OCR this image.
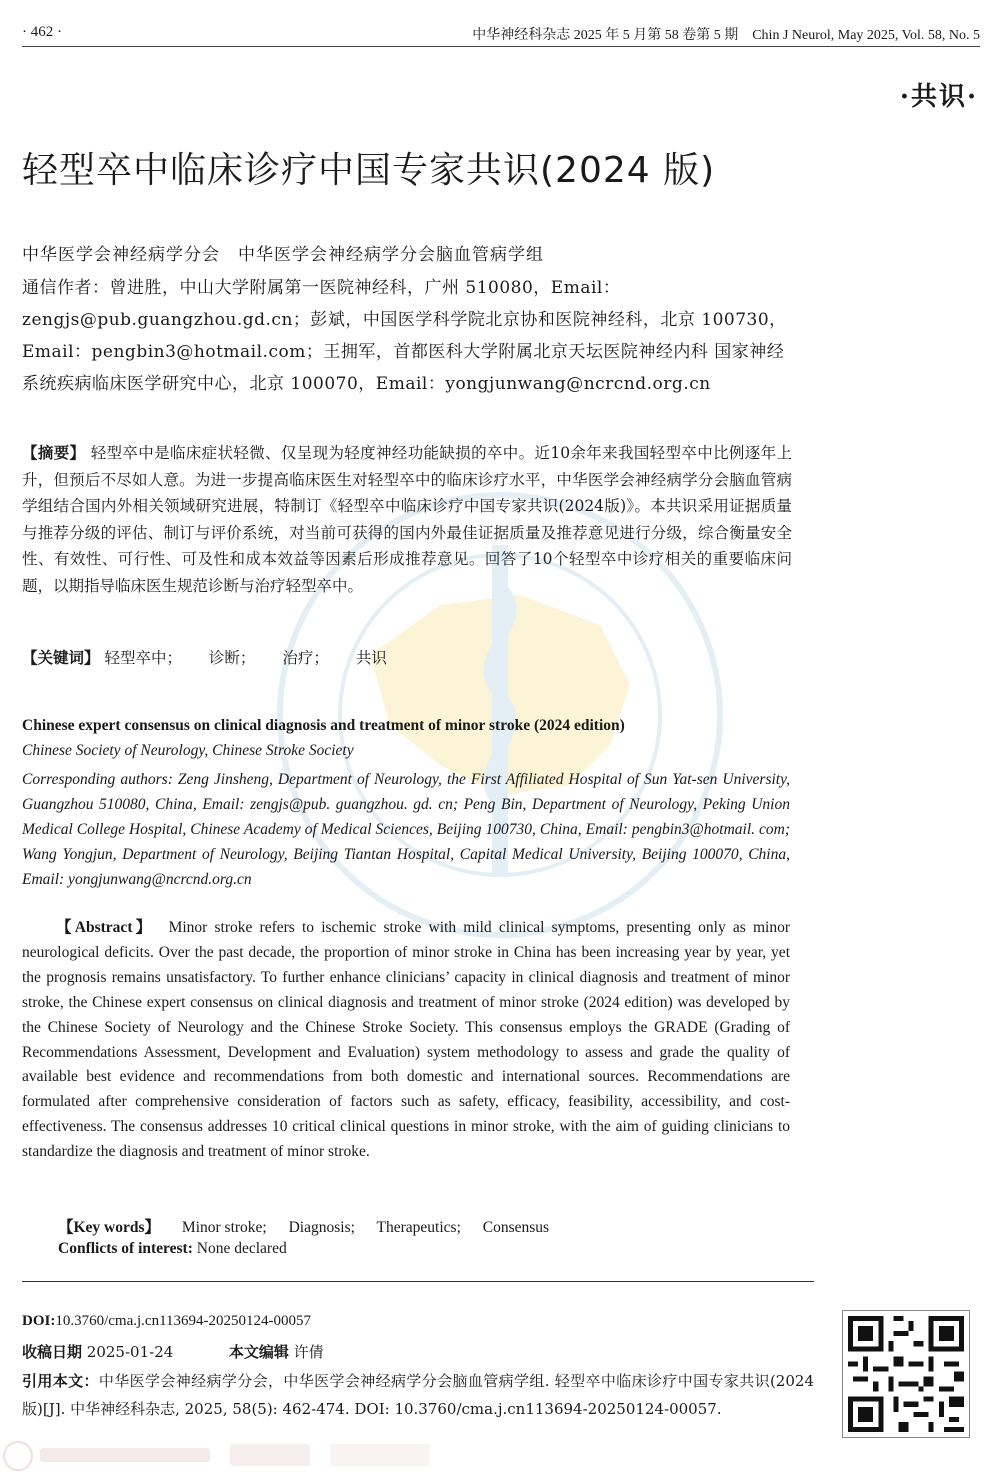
· 462 ·	中华神经科杂志 2025 年 5 月第 58 卷第 5 期　Chin J Neurol, May 2025, Vol. 58, No. 5
·共识·
轻型卒中临床诊疗中国专家共识(2024 版)
中华医学会神经病学分会　中华医学会神经病学分会脑血管病学组
通信作者：曾进胜，中山大学附属第一医院神经科，广州 510080，Email：zengjs@pub.guangzhou.gd.cn；彭斌，中国医学科学院北京协和医院神经科，北京 100730，Email：pengbin3@hotmail.com；王拥军，首都医科大学附属北京天坛医院神经内科 国家神经系统疾病临床医学研究中心，北京 100070，Email：yongjunwang@ncrcnd.org.cn
【摘要】 轻型卒中是临床症状轻微、仅呈现为轻度神经功能缺损的卒中。近10余年来我国轻型卒中比例逐年上升，但预后不尽如人意。为进一步提高临床医生对轻型卒中的临床诊疗水平，中华医学会神经病学分会脑血管病学组结合国内外相关领域研究进展，特制订《轻型卒中临床诊疗中国专家共识(2024版)》。本共识采用证据质量与推荐分级的评估、制订与评价系统，对当前可获得的国内外最佳证据质量及推荐意见进行分级，综合衡量安全性、有效性、可行性、可及性和成本效益等因素后形成推荐意见。回答了10个轻型卒中诊疗相关的重要临床问题，以期指导临床医生规范诊断与治疗轻型卒中。
【关键词】 轻型卒中； 诊断； 治疗； 共识
Chinese expert consensus on clinical diagnosis and treatment of minor stroke (2024 edition)
Chinese Society of Neurology, Chinese Stroke Society
Corresponding authors: Zeng Jinsheng, Department of Neurology, the First Affiliated Hospital of Sun Yat-sen University, Guangzhou 510080, China, Email: zengjs@pub. guangzhou. gd. cn; Peng Bin, Department of Neurology, Peking Union Medical College Hospital, Chinese Academy of Medical Sciences, Beijing 100730, China, Email: pengbin3@hotmail. com; Wang Yongjun, Department of Neurology, Beijing Tiantan Hospital, Capital Medical University, Beijing 100070, China, Email: yongjunwang@ncrcnd.org.cn
【Abstract】 Minor stroke refers to ischemic stroke with mild clinical symptoms, presenting only as minor neurological deficits. Over the past decade, the proportion of minor stroke in China has been increasing year by year, yet the prognosis remains unsatisfactory. To further enhance clinicians’ capacity in clinical diagnosis and treatment of minor stroke, the Chinese expert consensus on clinical diagnosis and treatment of minor stroke (2024 edition) was developed by the Chinese Society of Neurology and the Chinese Stroke Society. This consensus employs the GRADE (Grading of Recommendations Assessment, Development and Evaluation) system methodology to assess and grade the quality of available best evidence and recommendations from both domestic and international sources. Recommendations are formulated after comprehensive consideration of factors such as safety, efficacy, feasibility, accessibility, and cost-effectiveness. The consensus addresses 10 critical clinical questions in minor stroke, with the aim of guiding clinicians to standardize the diagnosis and treatment of minor stroke.
【Key words】 Minor stroke; Diagnosis; Therapeutics; Consensus
Conflicts of interest: None declared
DOI:10.3760/cma.j.cn113694-20250124-00057
收稿日期 2025-01-24	本文编辑 许倩
引用本文：中华医学会神经病学分会，中华医学会神经病学分会脑血管病学组. 轻型卒中临床诊疗中国专家共识(2024 版)[J]. 中华神经科杂志, 2025, 58(5): 462-474. DOI: 10.3760/cma.j.cn113694-20250124-00057.
